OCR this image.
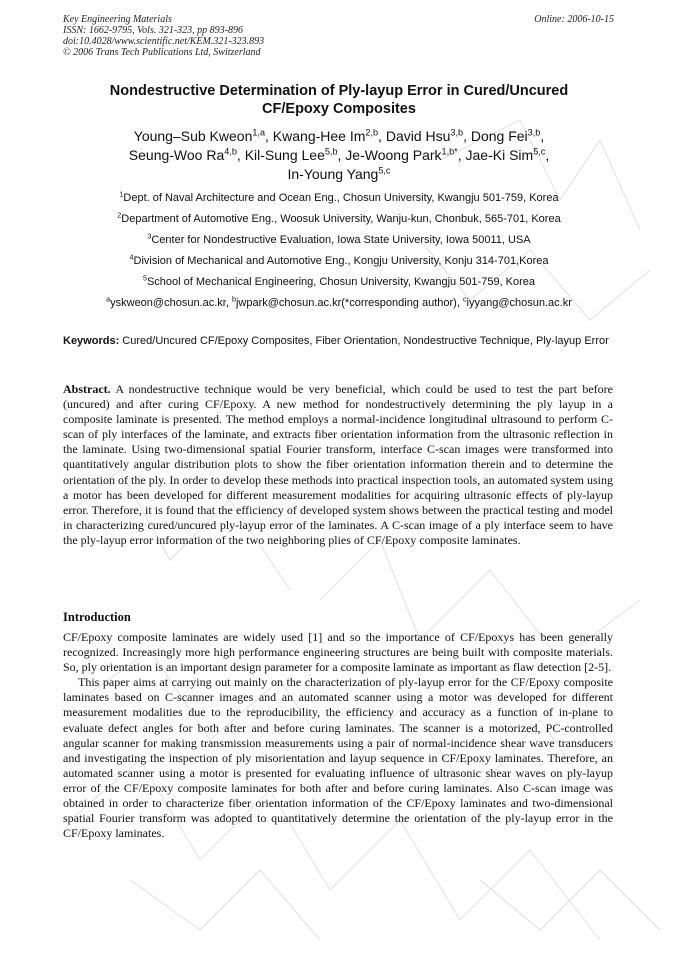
Key Engineering Materials
ISSN: 1662-9795, Vols. 321-323, pp 893-896
doi:10.4028/www.scientific.net/KEM.321-323.893
© 2006 Trans Tech Publications Ltd, Switzerland
Online: 2006-10-15
Nondestructive Determination of Ply-layup Error in Cured/Uncured
CF/Epoxy Composites
Young–Sub Kweon$^{1,a}$, Kwang-Hee Im$^{2,b}$, David Hsu$^{3,b}$, Dong Fei$^{3,b}$,
Seung-Woo Ra$^{4,b}$, Kil-Sung Lee$^{5,b}$, Je-Woong Park$^{1,b*}$, Jae-Ki Sim$^{5,c}$,
In-Young Yang$^{5,c}$
$^1$Dept. of Naval Architecture and Ocean Eng., Chosun University, Kwangju 501-759, Korea
$^2$Department of Automotive Eng., Woosuk University, Wanju-kun, Chonbuk, 565-701, Korea
$^3$Center for Nondestructive Evaluation, Iowa State University, Iowa 50011, USA
$^4$Division of Mechanical and Automotive Eng., Kongju University, Konju 314-701,Korea
$^5$School of Mechanical Engineering, Chosun University, Kwangju 501-759, Korea
$^a$yskweon@chosun.ac.kr, $^b$jwpark@chosun.ac.kr(*corresponding author), $^c$iyyang@chosun.ac.kr
Keywords: Cured/Uncured CF/Epoxy Composites, Fiber Orientation, Nondestructive Technique, Ply-layup Error
Abstract. A nondestructive technique would be very beneficial, which could be used to test the part before (uncured) and after curing CF/Epoxy. A new method for nondestructively determining the ply layup in a composite laminate is presented. The method employs a normal-incidence longitudinal ultrasound to perform C-scan of ply interfaces of the laminate, and extracts fiber orientation information from the ultrasonic reflection in the laminate. Using two-dimensional spatial Fourier transform, interface C-scan images were transformed into quantitatively angular distribution plots to show the fiber orientation information therein and to determine the orientation of the ply. In order to develop these methods into practical inspection tools, an automated system using a motor has been developed for different measurement modalities for acquiring ultrasonic effects of ply-layup error. Therefore, it is found that the efficiency of developed system shows between the practical testing and model in characterizing cured/uncured ply-layup error of the laminates. A C-scan image of a ply interface seem to have the ply-layup error information of the two neighboring plies of CF/Epoxy composite laminates.
Introduction

CF/Epoxy composite laminates are widely used [1] and so the importance of CF/Epoxys has been generally recognized. Increasingly more high performance engineering structures are being built with composite materials. So, ply orientation is an important design parameter for a composite laminate as important as flaw detection [2-5].

This paper aims at carrying out mainly on the characterization of ply-layup error for the CF/Epoxy composite laminates based on C-scanner images and an automated scanner using a motor was developed for different measurement modalities due to the reproducibility, the efficiency and accuracy as a function of in-plane to evaluate defect angles for both after and before curing laminates. The scanner is a motorized, PC-controlled angular scanner for making transmission measurements using a pair of normal-incidence shear wave transducers and investigating the inspection of ply misorientation and layup sequence in CF/Epoxy laminates. Therefore, an automated scanner using a motor is presented for evaluating influence of ultrasonic shear waves on ply-layup error of the CF/Epoxy composite laminates for both after and before curing laminates. Also C-scan image was obtained in order to characterize fiber orientation information of the CF/Epoxy laminates and two-dimensional spatial Fourier transform was adopted to quantitatively determine the orientation of the ply-layup error in the CF/Epoxy laminates.
